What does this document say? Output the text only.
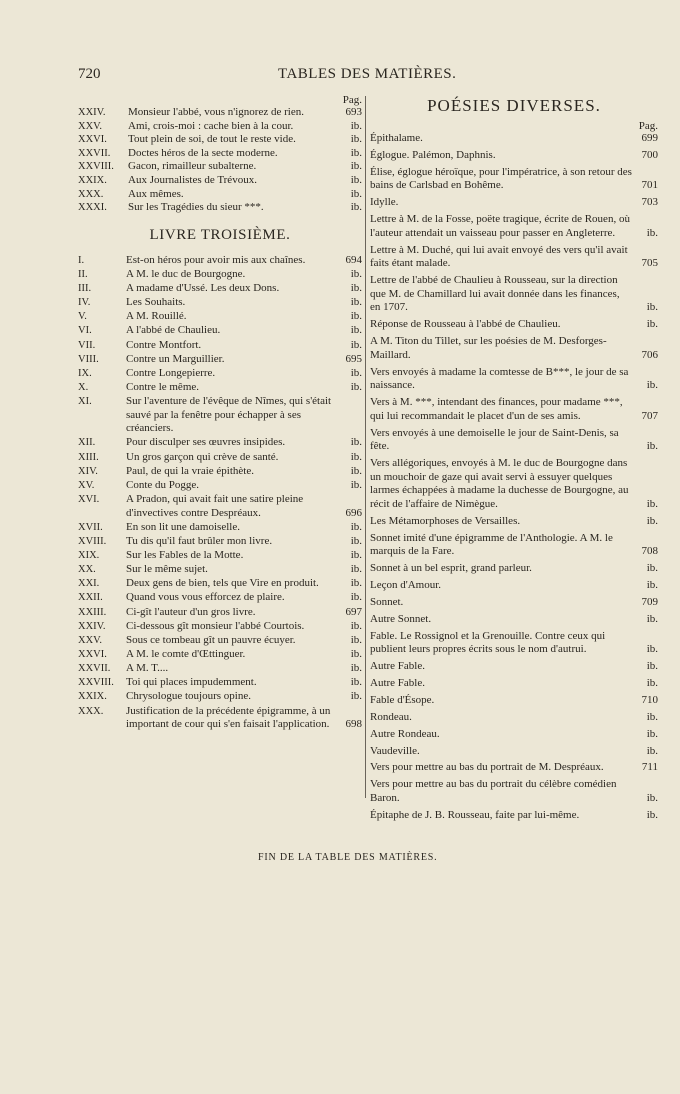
720	TABLES DES MATIÈRES.
Pag.
XXIV. Monsieur l'abbé, vous n'ignorez de rien.	693
XXV. Ami, crois-moi : cache bien à la cour.	ib.
XXVI. Tout plein de soi, de tout le reste vide.	ib.
XXVII. Doctes héros de la secte moderne.	ib.
XXVIII. Gacon, rimailleur subalterne.	ib.
XXIX. Aux Journalistes de Trévoux.	ib.
XXX. Aux mêmes.	ib.
XXXI. Sur les Tragédies du sieur ***.	ib.
LIVRE TROISIÈME.
I.	Est-on héros pour avoir mis aux chaînes.	694
II.	A M. le duc de Bourgogne.	ib.
III.	A madame d'Ussé. Les deux Dons.	ib.
IV.	Les Souhaits.	ib.
V.	A M. Rouillé.	ib.
VI.	A l'abbé de Chaulieu.	ib.
VII.	Contre Montfort.	ib.
VIII. Contre un Marguillier.	695
IX.	Contre Longepierre.	ib.
X.	Contre le même.	ib.
XI.	Sur l'aventure de l'évêque de Nîmes, qui s'était sauvé par la fenêtre pour échapper à ses créanciers.
XII.	Pour disculper ses œuvres insipides.	ib.
XIII. Un gros garçon qui crève de santé.	ib.
XIV.	Paul, de qui la vraie épithète.	ib.
XV.	Conte du Pogge.	ib.
XVI. A Pradon, qui avait fait une satire pleine d'invectives contre Despréaux.	696
XVII. En son lit une damoiselle.	ib.
XVIII. Tu dis qu'il faut brûler mon livre.	ib.
XIX. Sur les Fables de la Motte.	ib.
XX.	Sur le même sujet.	ib.
XXI. Deux gens de bien, tels que Vire en produit.	ib.
XXII. Quand vous vous efforcez de plaire.	ib.
XXIII. Ci-gît l'auteur d'un gros livre.	697
XXIV. Ci-dessous gît monsieur l'abbé Courtois.	ib.
XXV. Sous ce tombeau gît un pauvre écuyer.	ib.
XXVI. A M. le comte d'Œttinguer.	ib.
XXVII. A M. T....	ib.
XXVIII. Toi qui places impudemment.	ib.
XXIX. Chrysologue toujours opine.	ib.
XXX. Justification de la précédente épigramme, à un important de cour qui s'en faisait l'application.	698
POÉSIES DIVERSES.
Pag.
Épithalame.	699
Églogue. Palémon, Daphnis.	700
Élise, églogue héroïque, pour l'impératrice, à son retour des bains de Carlsbad en Bohême.	701
Idylle.	703
Lettre à M. de la Fosse, poëte tragique, écrite de Rouen, où l'auteur attendait un vaisseau pour passer en Angleterre.	ib.
Lettre à M. Duché, qui lui avait envoyé des vers qu'il avait faits étant malade.	705
Lettre de l'abbé de Chaulieu à Rousseau, sur la direction que M. de Chamillard lui avait donnée dans les finances, en 1707.	ib.
Réponse de Rousseau à l'abbé de Chaulieu.	ib.
A M. Titon du Tillet, sur les poésies de M. Desforges-Maillard.	706
Vers envoyés à madame la comtesse de B***, le jour de sa naissance.	ib.
Vers à M. ***, intendant des finances, pour madame ***, qui lui recommandait le placet d'un de ses amis.	707
Vers envoyés à une demoiselle le jour de Saint-Denis, sa fête.	ib.
Vers allégoriques, envoyés à M. le duc de Bourgogne dans un mouchoir de gaze qui avait servi à essuyer quelques larmes échappées à madame la duchesse de Bourgogne, au récit de l'affaire de Nimègue.	ib.
Les Métamorphoses de Versailles.	ib.
Sonnet imité d'une épigramme de l'Anthologie. A M. le marquis de la Fare.	708
Sonnet à un bel esprit, grand parleur.	ib.
Leçon d'Amour.	ib.
Sonnet.	709
Autre Sonnet.	ib.
Fable. Le Rossignol et la Grenouille. Contre ceux qui publient leurs propres écrits sous le nom d'autrui.	ib.
Autre Fable.	ib.
Autre Fable.	ib.
Fable d'Ésope.	710
Rondeau.	ib.
Autre Rondeau.	ib.
Vaudeville.	ib.
Vers pour mettre au bas du portrait de M. Despréaux.	711
Vers pour mettre au bas du portrait du célèbre comédien Baron.	ib.
Épitaphe de J. B. Rousseau, faite par lui-même.	ib.
FIN DE LA TABLE DES MATIÈRES.
